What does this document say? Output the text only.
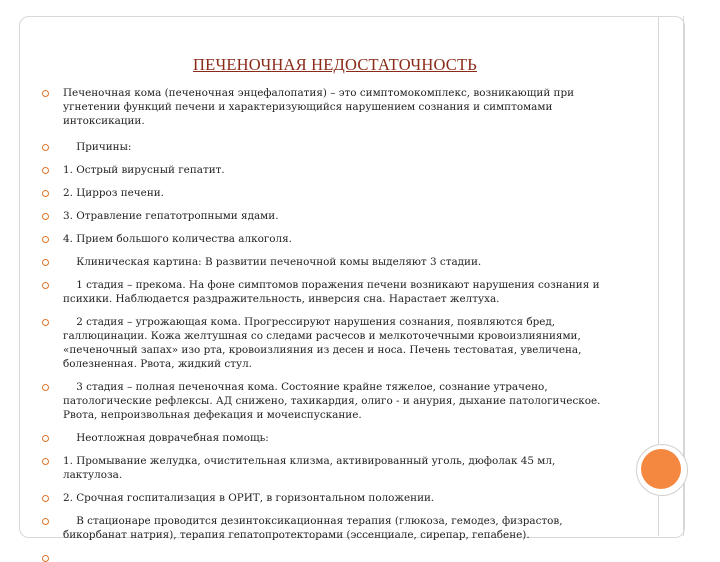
ПЕЧЕНОЧНАЯ НЕДОСТАТОЧНОСТЬ
Печеночная кома (печеночная энцефалопатия) – это симптомокомплекс, возникающий при угнетении функций печени и характеризующийся нарушением сознания и симптомами интоксикации.
Причины:
1. Острый вирусный гепатит.
2. Цирроз печени.
3. Отравление гепатотропными ядами.
4. Прием большого количества алкоголя.
Клиническая картина: В развитии печеночной комы выделяют 3 стадии.
1 стадия – прекома. На фоне симптомов поражения печени возникают нарушения сознания и психики. Наблюдается раздражительность, инверсия сна. Нарастает желтуха.
2 стадия – угрожающая кома. Прогрессируют нарушения сознания, появляются бред, галлюцинации. Кожа желтушная со следами расчесов и мелкоточечными кровоизлияниями, «печеночный запах» изо рта, кровоизлияния из десен и носа. Печень тестоватая, увеличена, болезненная. Рвота, жидкий стул.
3 стадия – полная печеночная кома. Состояние крайне тяжелое, сознание утрачено, патологические рефлексы. АД снижено, тахикардия, олиго - и анурия, дыхание патологическое. Рвота, непроизвольная дефекация и мочеиспускание.
Неотложная доврачебная помощь:
1. Промывание желудка, очистительная клизма, активированный уголь, дюфолак 45 мл, лактулоза.
2. Срочная госпитализация в ОРИТ, в горизонтальном положении.
В стационаре проводится дезинтоксикационная терапия (глюкоза, гемодез, физрастов, бикорбанат натрия), терапия гепатопротекторами (эссенциале, сирепар, гепабене).
